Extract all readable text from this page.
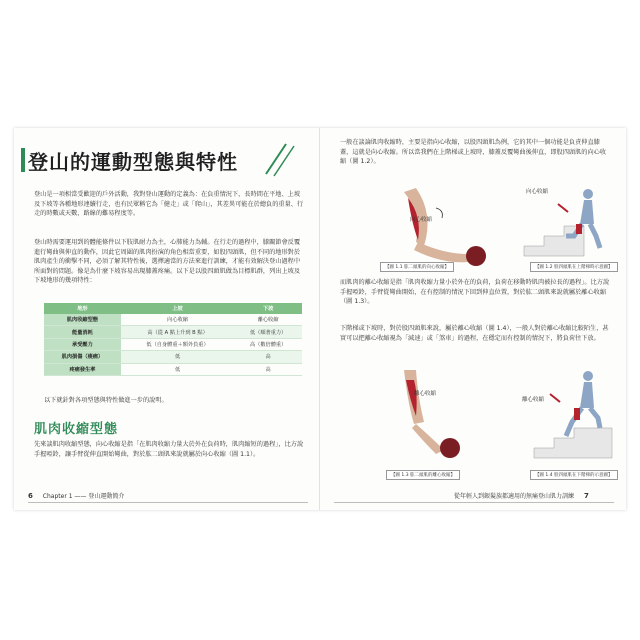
登山的運動型態與特性
登山是一項相當受歡迎的戶外活動，我對登山運動的定義為：在負重情況下，長時間在平地、上坡及下坡等各種地形連續行走，也有民眾稱它為「健走」或「爬山」，其差異可能在於總負的重量、行走的時數或天數，路線的難易程度等。
登山時需要運用到的體能條件以下肢肌耐力為主，心肺能力為輔。在行走的過程中，膝關節會反覆進行彎曲與伸直的動作，因此它周圍的肌肉扮演的角色相當重要，如股四頭肌，但不同的地形對於肌肉產生的衝擊不同，必須了解其特性後，選擇適當的方法來進行訓練，才能有效解決登山過程中所面對的問題。像是為什麼下坡容易出現膝蓋疼痛。以下是以股四頭肌做為目標肌群，列出上坡及下坡地形的幾項特性：
地形	上坡	下坡
肌肉收縮型態	向心收縮	離心收縮
能量消耗	高（從 A 點上升到 B 點）	低（順著重力）
承受壓力	低（自身體重＋額外負重）	高（數倍體重）
肌肉損傷（痠痛）	低	高
疼痛發生率	低	高
以下就針對各項型態與特性做進一步的說明。
肌肉收縮型態
先來談肌肉收縮型態，向心收縮是指「在肌肉收縮力量大於外在負荷時，肌肉縮短的過程」，比方說手握啞鈴，讓手臂從伸直開始彎曲，對於肱二頭肌來說就屬於向心收縮（圖 1.1）。
6 Chapter 1 —— 登山運動簡介
一般在談論肌肉收縮時，主要是指向心收縮，以股四頭肌為例，它的其中一個功能是負責伸直膝蓋，這就是向心收縮。所以當我們在上階梯或上坡時，膝蓋反覆彎曲後伸直，即股四頭肌的向心收縮（圖 1.2）。
向心收縮
【圖 1.1 肱二頭肌的向心收縮】
向心收縮
【圖 1.2 股四頭肌在上階梯時示意圖】
而肌肉的離心收縮是指「肌肉收縮力量小於外在的負荷，負荷在移動時肌肉被拉長的過程」。比方說手握啞鈴，手臂從彎曲開始，在有控制的情況下回到伸直位置，對於肱二頭肌來說就屬於離心收縮（圖 1.3）。
下階梯或下坡時，對於股四頭肌來說，屬於離心收縮（圖 1.4），一般人對於離心收縮比較陌生，甚實可以把離心收縮視為「減速」或「煞車」的過程，在穩定而有控制的情況下，將負荷往下放。
離心收縮
【圖 1.3 肱二頭肌的離心收縮】
離心收縮
【圖 1.4 股四頭肌在下階梯的示意圖】
從年輕人到銀髮族都適用的無痛登山肌力訓練 7
